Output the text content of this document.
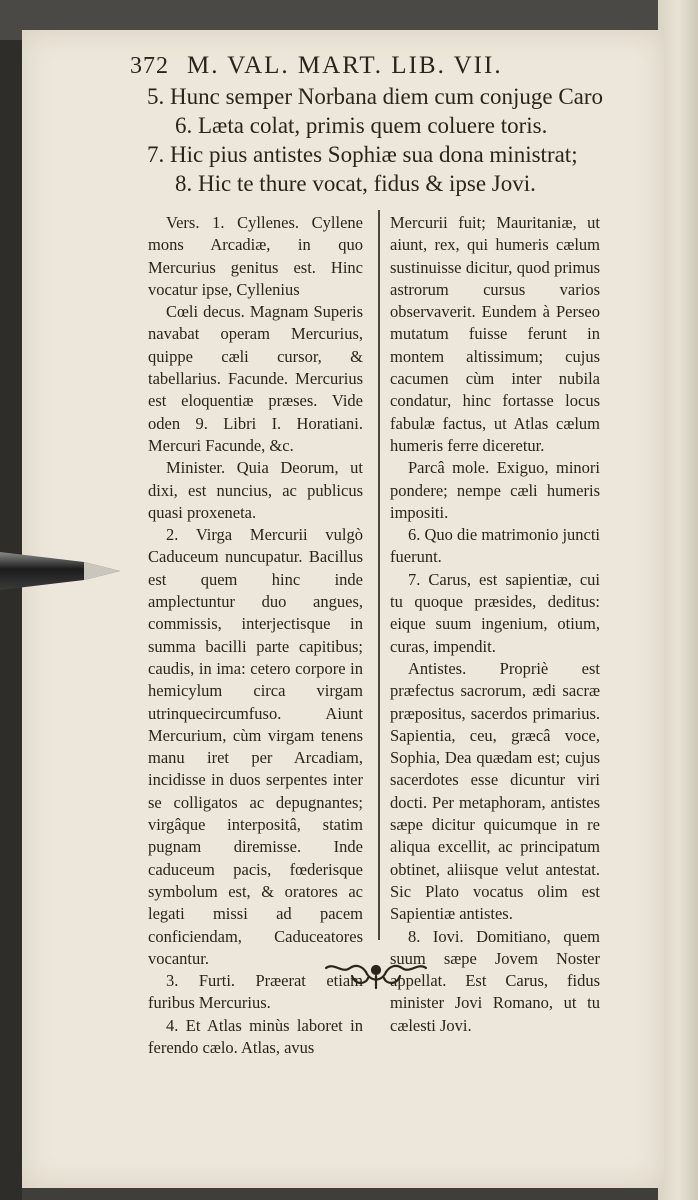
372 M. VAL. MART. LIB. VII.
5. Hunc semper Norbana diem cum conjuge Caro
6. Læta colat, primis quem coluere toris.
7. Hic pius antistes Sophiæ sua dona ministrat;
8. Hic te thure vocat, fidus & ipse Jovi.

Vers. 1. Cyllenes. Cyllene mons Arcadiæ, in quo Mercurius genitus est. Hinc vocatur ipse, Cyllenius

Cœli decus. Magnam Superis navabat operam Mercurius, quippe cæli cursor, & tabellarius. Facunde. Mercurius est eloquentiæ præses. Vide oden 9. Libri I. Horatiani. Mercuri Facunde, &c.

Minister. Quia Deorum, ut dixi, est nuncius, ac publicus quasi proxeneta.

2. Virga Mercurii vulgò Caduceum nuncupatur. Bacillus est quem hinc inde amplectuntur duo angues, commissis, interjectisque in summa bacilli parte capitibus; caudis, in ima: cetero corpore in hemicylum circa virgam utrinquecircumfuso. Aiunt Mercurium, cùm virgam tenens manu iret per Arcadiam, incidisse in duos serpentes inter se colligatos ac depugnantes; virgâque interpositâ, statim pugnam diremisse. Inde caduceum pacis, fœderisque symbolum est, & oratores ac legati missi ad pacem conficiendam, Caduceatores vocantur.

3. Furti. Præerat etiam furibus Mercurius.

4. Et Atlas minùs laboret in ferendo cælo. Atlas, avus

Mercurii fuit; Mauritaniæ, ut aiunt, rex, qui humeris cælum sustinuisse dicitur, quod primus astrorum cursus varios observaverit. Eundem à Perseo mutatum fuisse ferunt in montem altissimum; cujus cacumen cùm inter nubila condatur, hinc fortasse locus fabulæ factus, ut Atlas cælum humeris ferre diceretur.

Parcâ mole. Exiguo, minori pondere; nempe cæli humeris impositi.

6. Quo die matrimonio juncti fuerunt.

7. Carus, est sapientiæ, cui tu quoque præsides, deditus: eique suum ingenium, otium, curas, impendit.

Antistes. Propriè est præfectus sacrorum, ædi sacræ præpositus, sacerdos primarius. Sapientia, ceu, græcâ voce, Sophia, Dea quædam est; cujus sacerdotes esse dicuntur viri docti. Per metaphoram, antistes sæpe dicitur quicumque in re aliqua excellit, ac principatum obtinet, aliisque velut antestat. Sic Plato vocatus olim est Sapientiæ antistes.

8. Iovi. Domitiano, quem suum sæpe Jovem Noster appellat. Est Carus, fidus minister Jovi Romano, ut tu cælesti Jovi.
